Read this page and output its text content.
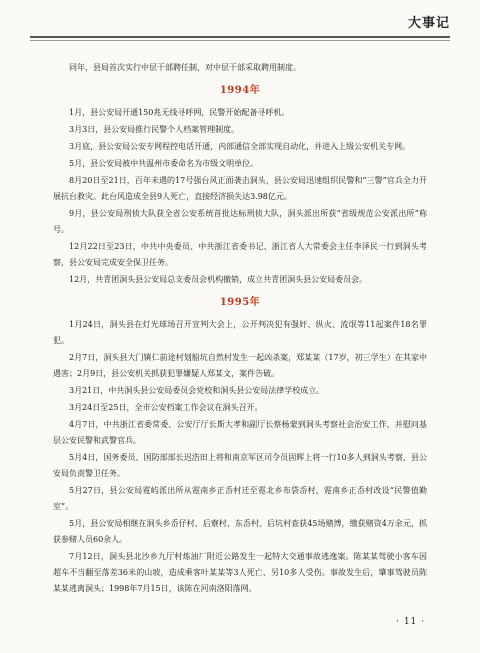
大事记

同年，县局首次实行中层干部聘任制，对中层干部采取聘用制度。

1994年

1月，县公安局开通150兆无线寻呼网，民警开始配备寻呼机。

3月3日，县公安局推行民警个人档案管理制度。

3月底，县公安局公安专网程控电话开通，内部通信全部实现自动化，并进入上级公安机关专网。

5月，县公安局被中共温州市委命名为市级文明单位。

8月20日至21日，百年未遇的17号强台风正面袭击洞头，县公安局迅速组织民警和“三警”官兵全力开展抗台救灾。此台风造成全县9人死亡，直接经济损失达3.98亿元。

9月，县公安局刑侦大队获全省公安系统首批达标刑侦大队，洞头派出所获“省级规范公安派出所”称号。

12月22日至23日，中共中央委员、中共浙江省委书记、浙江省人大常委会主任李泽民一行到洞头考察，县公安局完成安全保卫任务。

12月，共青团洞头县公安局总支委员会机构撤销，成立共青团洞头县公安局委员会。

1995年

1月24日，洞头县在灯光球场召开宣判大会上，公开判决犯有强奸、纵火、流氓等11起案件18名罪犯。

2月7日，洞头县大门镇仁前途村划船坑自然村发生一起凶杀案，郑某某（17岁，初三学生）在其家中遇害；2月9日，县公安机关抓获犯罪嫌疑人郑某文，案件告破。

3月21日，中共洞头县公安局委员会党校和洞头县公安局法律学校成立。

3月24日至25日，全市公安档案工作会议在洞头召开。

4月7日，中共浙江省委常委、公安厅厅长斯大孝和副厅长蔡杨蒙到洞头考察社会治安工作，并慰问基层公安民警和武警官兵。

5月4日，国务委员、国防部部长迟浩田上将和南京军区司令员固辉上将一行10多人到洞头考察，县公安局负责警卫任务。

5月27日，县公安局霓屿派出所从霓南乡正岙村迁至霓北乡布袋岙村，霓南乡正岙村改设“民警值勤室”。

5月，县公安局相继在洞头乡岙仔村、后寮村、东岙村、后坑村查获45场赌博，缴获赌资4万余元，抓获参赌人员60余人。

7月12日，洞头县北沙乡九厅村炼油厂附近公路发生一起特大交通事故逃逸案。陈某某驾驶小客车因超车不当翻至落差36米的山坡，造成乘客叶某某等3人死亡，另10多人受伤。事故发生后，肇事驾驶员陈某某逃离洞头；1998年7月15日，该陈在河南洛阳落网。

· 11 ·
